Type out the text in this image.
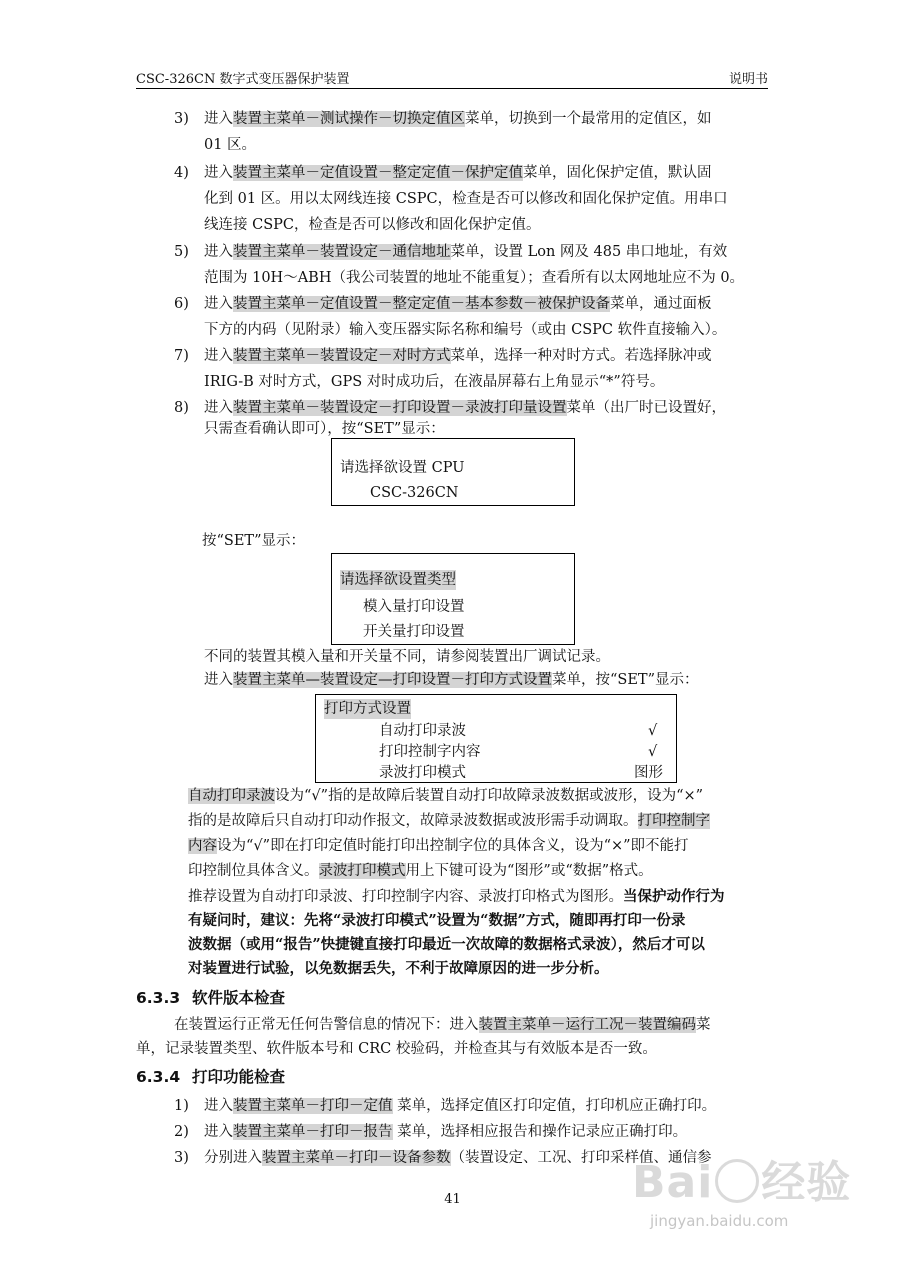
CSC-326CN 数字式变压器保护装置	说明书
3) 进入装置主菜单－测试操作－切换定值区菜单，切换到一个最常用的定值区，如
01 区。
4) 进入装置主菜单－定值设置－整定定值－保护定值菜单，固化保护定值，默认固
化到 01 区。用以太网线连接 CSPC，检查是否可以修改和固化保护定值。用串口
线连接 CSPC，检查是否可以修改和固化保护定值。
5) 进入装置主菜单－装置设定－通信地址菜单，设置 Lon 网及 485 串口地址，有效
范围为 10H～ABH（我公司装置的地址不能重复）；查看所有以太网地址应不为 0。
6) 进入装置主菜单－定值设置－整定定值－基本参数－被保护设备菜单，通过面板
下方的内码（见附录）输入变压器实际名称和编号（或由 CSPC 软件直接输入）。
7) 进入装置主菜单－装置设定－对时方式菜单，选择一种对时方式。若选择脉冲或
IRIG-B 对时方式，GPS 对时成功后，在液晶屏幕右上角显示“*”符号。
8) 进入装置主菜单－装置设定－打印设置－录波打印量设置菜单（出厂时已设置好，
只需查看确认即可），按“SET”显示：
请选择欲设置 CPU
CSC-326CN
按“SET”显示：
请选择欲设置类型
模入量打印设置
开关量打印设置
不同的装置其模入量和开关量不同，请参阅装置出厂调试记录。
进入装置主菜单—装置设定—打印设置－打印方式设置菜单，按“SET”显示：
打印方式设置
自动打印录波	√
打印控制字内容	√
录波打印模式	图形
自动打印录波设为“√”指的是故障后装置自动打印故障录波数据或波形，设为“×”
指的是故障后只自动打印动作报文，故障录波数据或波形需手动调取。打印控制字
内容设为“√”即在打印定值时能打印出控制字位的具体含义，设为“×”即不能打
印控制位具体含义。录波打印模式用上下键可设为“图形”或“数据”格式。
推荐设置为自动打印录波、打印控制字内容、录波打印格式为图形。当保护动作行为
有疑问时，建议：先将“录波打印模式”设置为“数据”方式，随即再打印一份录
波数据（或用“报告”快捷键直接打印最近一次故障的数据格式录波），然后才可以
对装置进行试验，以免数据丢失，不利于故障原因的进一步分析。
6.3.3 软件版本检查
在装置运行正常无任何告警信息的情况下：进入装置主菜单－运行工况－装置编码菜
单，记录装置类型、软件版本号和 CRC 校验码，并检查其与有效版本是否一致。
6.3.4 打印功能检查
1) 进入装置主菜单－打印－定值 菜单，选择定值区打印定值，打印机应正确打印。
2) 进入装置主菜单－打印－报告 菜单，选择相应报告和操作记录应正确打印。
3) 分别进入装置主菜单－打印－设备参数（装置设定、工况、打印采样值、通信参
41	Bai 经验
jingyan.baidu.com
